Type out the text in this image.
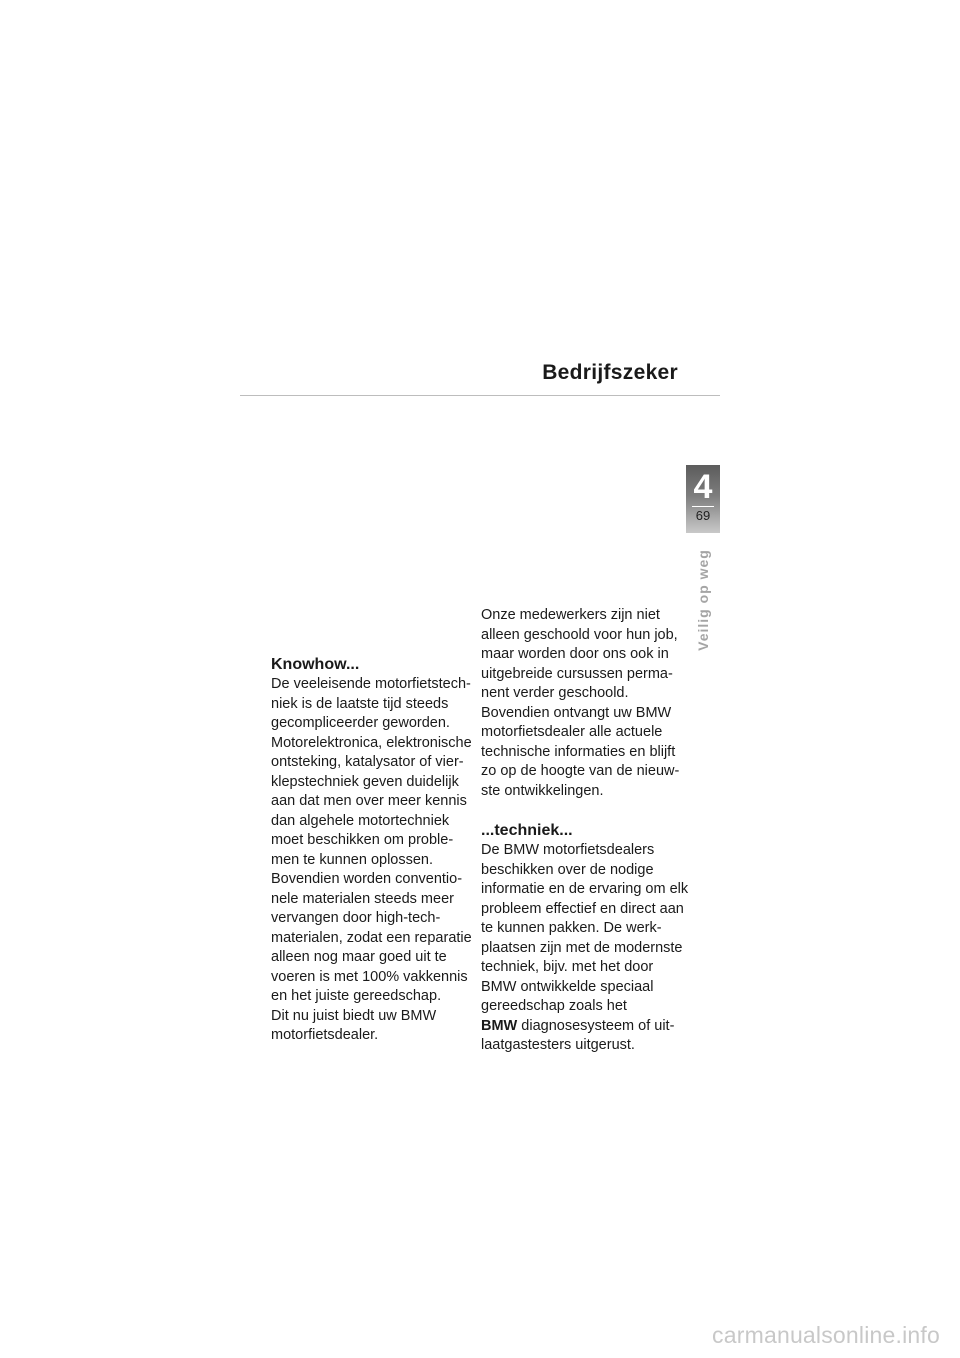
Bedrijfszeker
4
69
Veilig op weg
Knowhow...

De veeleisende motorfietstech-
niek is de laatste tijd steeds
gecompliceerder geworden.
Motorelektronica, elektronische
ontsteking, katalysator of vier-
klepstechniek geven duidelijk
aan dat men over meer kennis
dan algehele motortechniek
moet beschikken om proble-
men te kunnen oplossen.
Bovendien worden conventio-
nele materialen steeds meer
vervangen door high-tech-
materialen, zodat een reparatie
alleen nog maar goed uit te
voeren is met 100% vakkennis
en het juiste gereedschap.
Dit nu juist biedt uw BMW
motorfietsdealer.

Onze medewerkers zijn niet
alleen geschoold voor hun job,
maar worden door ons ook in
uitgebreide cursussen perma-
nent verder geschoold.
Bovendien ontvangt uw BMW
motorfietsdealer alle actuele
technische informaties en blijft
zo op de hoogte van de nieuw-
ste ontwikkelingen.

...techniek...

De BMW motorfietsdealers
beschikken over de nodige
informatie en de ervaring om elk
probleem effectief en direct aan
te kunnen pakken. De werk-
plaatsen zijn met de modernste
techniek, bijv. met het door
BMW ontwikkelde speciaal
gereedschap zoals het
BMW diagnosesysteem of uit-
laatgastesters uitgerust.

carmanualsonline.info
